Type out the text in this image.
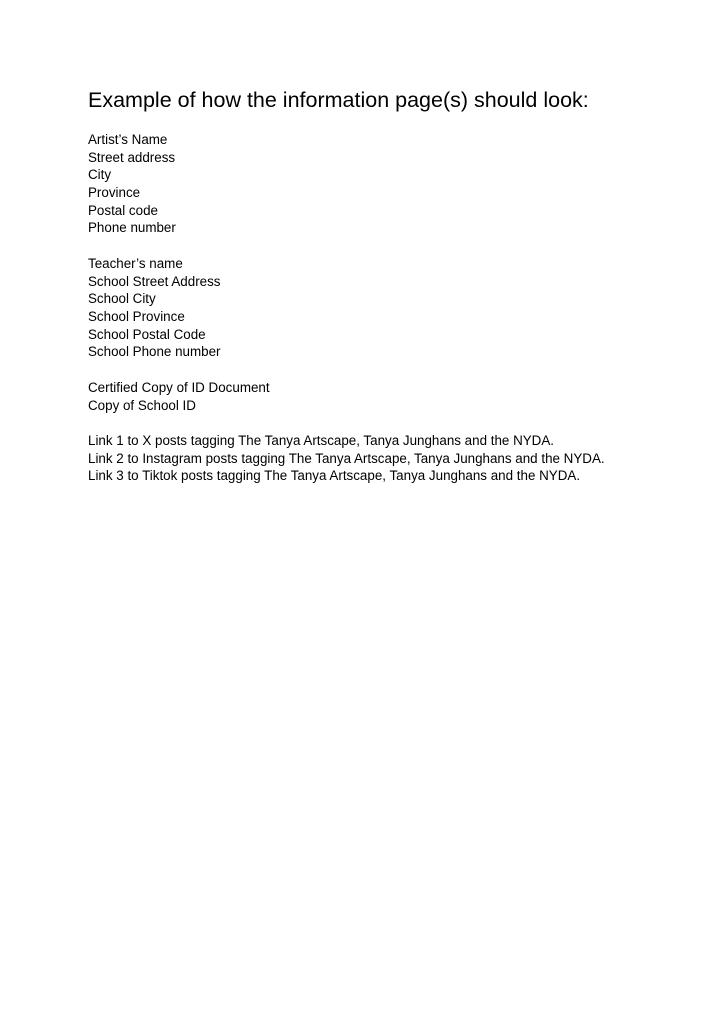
Example of how the information page(s) should look:
Artist’s Name
Street address
City
Province
Postal code
Phone number
Teacher’s name
School Street Address
School City
School Province
School Postal Code
School Phone number
Certified Copy of ID Document
Copy of School ID
Link 1 to X posts tagging The Tanya Artscape, Tanya Junghans and the NYDA.
Link 2 to Instagram posts tagging The Tanya Artscape, Tanya Junghans and the NYDA.
Link 3 to Tiktok posts tagging The Tanya Artscape, Tanya Junghans and the NYDA.
